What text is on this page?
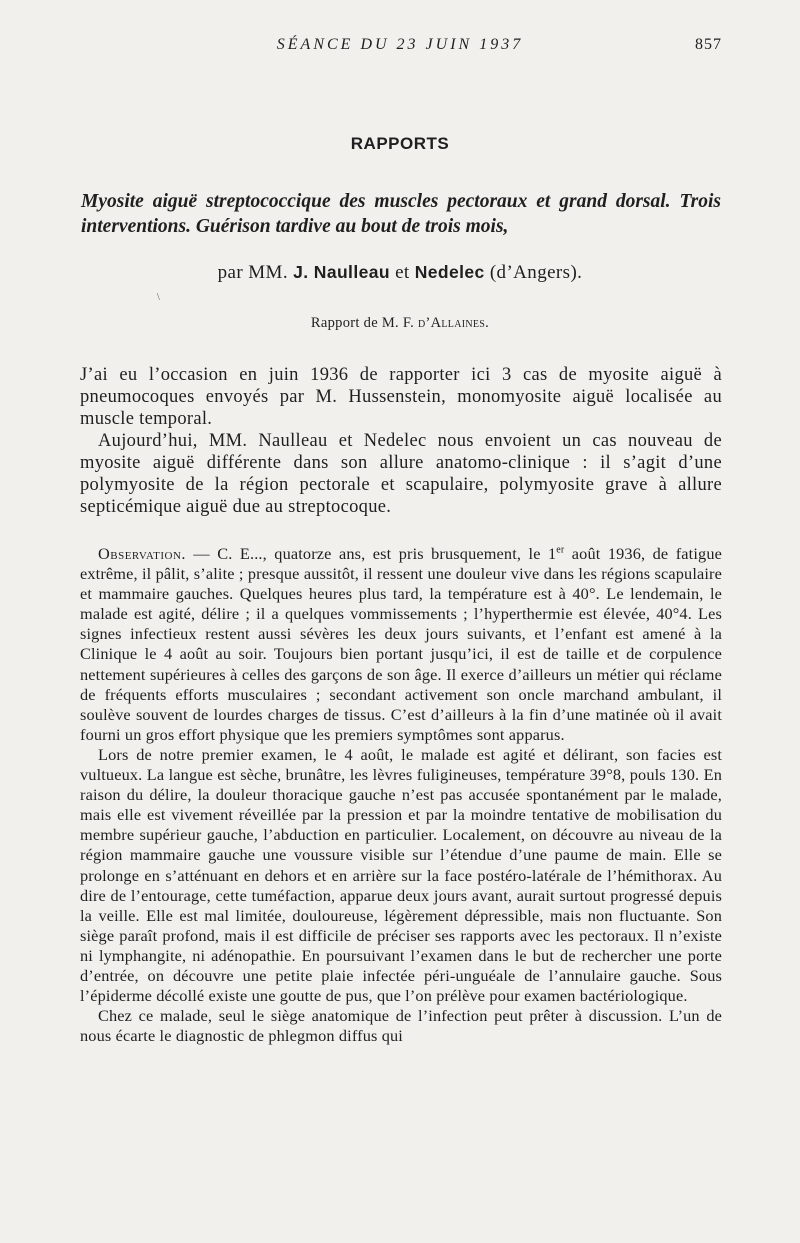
SÉANCE DU 23 JUIN 1937	857
RAPPORTS
Myosite aiguë streptococcique des muscles pectoraux et grand dorsal. Trois interventions. Guérison tardive au bout de trois mois,
\
par MM. J. Naulleau et Nedelec (d’Angers).
Rapport de M. F. d’Allaines.

J’ai eu l’occasion en juin 1936 de rapporter ici 3 cas de myosite aiguë à pneumocoques envoyés par M. Hussenstein, monomyosite aiguë localisée au muscle temporal.

Aujourd’hui, MM. Naulleau et Nedelec nous envoient un cas nouveau de myosite aiguë différente dans son allure anatomo-clinique : il s’agit d’une polymyosite de la région pectorale et scapulaire, polymyosite grave à allure septicémique aiguë due au streptocoque.

Observation. — C. E..., quatorze ans, est pris brusquement, le 1er août 1936, de fatigue extrême, il pâlit, s’alite ; presque aussitôt, il ressent une douleur vive dans les régions scapulaire et mammaire gauches. Quelques heures plus tard, la température est à 40°. Le lendemain, le malade est agité, délire ; il a quelques vommissements ; l’hyperthermie est élevée, 40°4. Les signes infectieux restent aussi sévères les deux jours suivants, et l’enfant est amené à la Clinique le 4 août au soir. Toujours bien portant jusqu’ici, il est de taille et de corpulence nettement supérieures à celles des garçons de son âge. Il exerce d’ailleurs un métier qui réclame de fréquents efforts musculaires ; secondant activement son oncle marchand ambulant, il soulève souvent de lourdes charges de tissus. C’est d’ailleurs à la fin d’une matinée où il avait fourni un gros effort physique que les premiers symptômes sont apparus.

Lors de notre premier examen, le 4 août, le malade est agité et délirant, son facies est vultueux. La langue est sèche, brunâtre, les lèvres fuligineuses, température 39°8, pouls 130. En raison du délire, la douleur thoracique gauche n’est pas accusée spontanément par le malade, mais elle est vivement réveillée par la pression et par la moindre tentative de mobilisation du membre supérieur gauche, l’abduction en particulier. Localement, on découvre au niveau de la région mammaire gauche une voussure visible sur l’étendue d’une paume de main. Elle se prolonge en s’atténuant en dehors et en arrière sur la face postéro-latérale de l’hémithorax. Au dire de l’entourage, cette tuméfaction, apparue deux jours avant, aurait surtout progressé depuis la veille. Elle est mal limitée, douloureuse, légèrement dépressible, mais non fluctuante. Son siège paraît profond, mais il est difficile de préciser ses rapports avec les pectoraux. Il n’existe ni lymphangite, ni adénopathie. En poursuivant l’examen dans le but de rechercher une porte d’entrée, on découvre une petite plaie infectée péri-unguéale de l’annulaire gauche. Sous l’épiderme décollé existe une goutte de pus, que l’on prélève pour examen bactériologique.

Chez ce malade, seul le siège anatomique de l’infection peut prêter à discussion. L’un de nous écarte le diagnostic de phlegmon diffus qui
